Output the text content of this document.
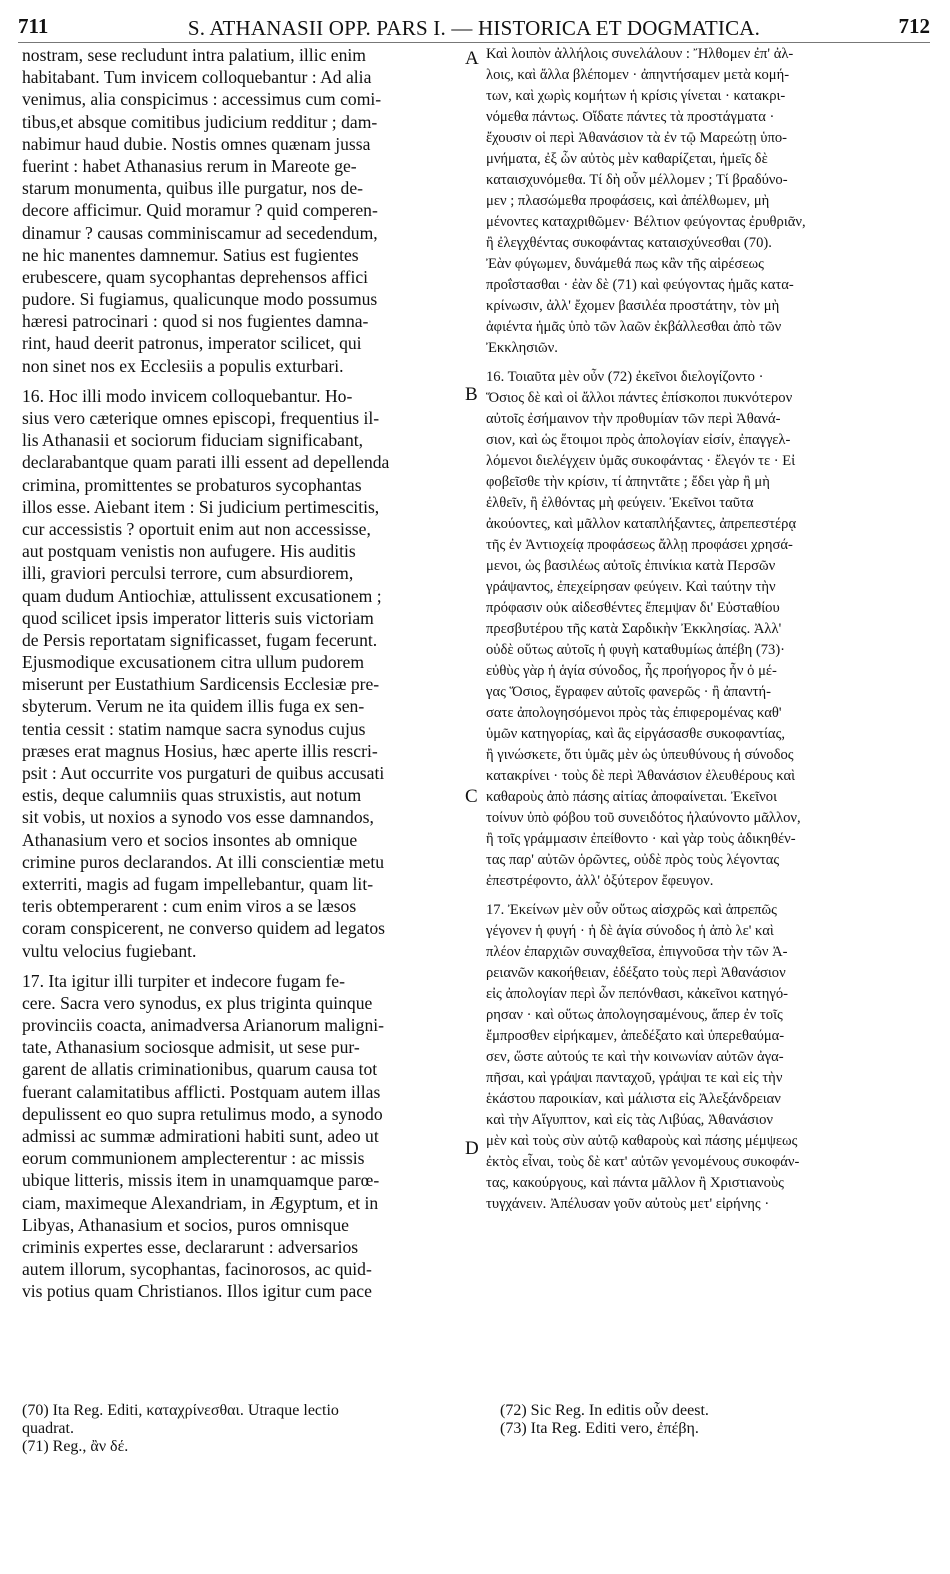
711	S. ATHANASII OPP. PARS I. — HISTORICA ET DOGMATICA.	712
nostram, sese recludunt intra palatium, illic enim
habitabant. Tum invicem colloquebantur : Ad alia
venimus, alia conspicimus : accessimus cum comi-
tibus,et absque comitibus judicium redditur ; dam-
nabimur haud dubie. Nostis omnes quænam jussa
fuerint : habet Athanasius rerum in Mareote ge-
starum monumenta, quibus ille purgatur, nos de-
decore afficimur. Quid moramur ? quid comperen-
dinamur ? causas comminiscamur ad secedendum,
ne hic manentes damnemur. Satius est fugientes
erubescere, quam sycophantas deprehensos affici
pudore. Si fugiamus, qualicunque modo possumus
hæresi patrocinari : quod si nos fugientes damna-
rint, haud deerit patronus, imperator scilicet, qui
non sinet nos ex Ecclesiis a populis exturbari.
16. Hoc illi modo invicem colloquebantur. Ho-
sius vero cæterique omnes episcopi, frequentius il-
lis Athanasii et sociorum fiduciam significabant,
declarabantque quam parati illi essent ad depellenda
crimina, promittentes se probaturos sycophantas
illos esse. Aiebant item : Si judicium pertimescitis,
cur accessistis ? oportuit enim aut non accessisse,
aut postquam venistis non aufugere. His auditis
illi, graviori perculsi terrore, cum absurdiorem,
quam dudum Antiochiæ, attulissent excusationem ;
quod scilicet ipsis imperator litteris suis victoriam
de Persis reportatam significasset, fugam fecerunt.
Ejusmodique excusationem citra ullum pudorem
miserunt per Eustathium Sardicensis Ecclesiæ pre-
sbyterum. Verum ne ita quidem illis fuga ex sen-
tentia cessit : statim namque sacra synodus cujus
præses erat magnus Hosius, hæc aperte illis rescri-
psit : Aut occurrite vos purgaturi de quibus accusati
estis, deque calumniis quas struxistis, aut notum
sit vobis, ut noxios a synodo vos esse damnandos,
Athanasium vero et socios insontes ab omnique
crimine puros declarandos. At illi conscientiæ metu
exterriti, magis ad fugam impellebantur, quam lit-
teris obtemperarent : cum enim viros a se læsos
coram conspicerent, ne converso quidem ad legatos
vultu velocius fugiebant.
17. Ita igitur illi turpiter et indecore fugam fe-
cere. Sacra vero synodus, ex plus triginta quinque
provinciis coacta, animadversa Arianorum maligni-
tate, Athanasium sociosque admisit, ut sese pur-
garent de allatis criminationibus, quarum causa tot
fuerant calamitatibus afflicti. Postquam autem illas
depulissent eo quo supra retulimus modo, a synodo
admissi ac summæ admirationi habiti sunt, adeo ut
eorum communionem amplecterentur : ac missis
ubique litteris, missis item in unamquamque parœ-
ciam, maximeque Alexandriam, in Ægyptum, et in
Libyas, Athanasium et socios, puros omnisque
criminis expertes esse, declararunt : adversarios
autem illorum, sycophantas, facinorosos, ac quid-
vis potius quam Christianos. Illos igitur cum pace
Καὶ λοιπὸν ἀλλήλοις συνελάλουν : Ἤλθομεν ἐπ' ἀλ-
λοις, καὶ ἄλλα βλέπομεν · ἀπηντήσαμεν μετὰ κομή-
των, καὶ χωρὶς κομήτων ἡ κρίσις γίνεται · κατακρι-
νόμεθα πάντως. Οἴδατε πάντες τὰ προστάγματα ·
ἔχουσιν οἱ περὶ Ἀθανάσιον τὰ ἐν τῷ Μαρεώτῃ ὑπο-
μνήματα, ἐξ ὧν αὐτὸς μὲν καθαρίζεται, ἡμεῖς δὲ
καταισχυνόμεθα. Τί δὴ οὖν μέλλομεν ; Τί βραδύνο-
μεν ; πλασώμεθα προφάσεις, καὶ ἀπέλθωμεν, μὴ
μένοντες καταχριθῶμεν· Βέλτιον φεύγοντας ἐρυθριᾶν,
ἢ ἐλεγχθέντας συκοφάντας καταισχύνεσθαι (70).
Ἐὰν φύγωμεν, δυνάμεθά πως κἂν τῆς αἱρέσεως
προΐστασθαι · ἐὰν δὲ (71) καὶ φεύγοντας ἡμᾶς κατα-
κρίνωσιν, ἀλλ' ἔχομεν βασιλέα προστάτην, τὸν μὴ
ἀφιέντα ἡμᾶς ὑπὸ τῶν λαῶν ἐκβάλλεσθαι ἀπὸ τῶν
Ἐκκλησιῶν.
16. Τοιαῦτα μὲν οὖν (72) ἐκεῖνοι διελογίζοντο ·
Ὅσιος δὲ καὶ οἱ ἄλλοι πάντες ἐπίσκοποι πυκνότερον
αὐτοῖς ἐσήμαινον τὴν προθυμίαν τῶν περὶ Ἀθανά-
σιον, καὶ ὡς ἕτοιμοι πρὸς ἀπολογίαν εἰσίν, ἐπαγγελ-
λόμενοι διελέγχειν ὑμᾶς συκοφάντας · ἔλεγόν τε · Εἰ
φοβεῖσθε τὴν κρίσιν, τί ἀπηντᾶτε ; ἔδει γὰρ ἢ μὴ
ἐλθεῖν, ἢ ἐλθόντας μὴ φεύγειν. Ἐκεῖνοι ταῦτα
ἀκούοντες, καὶ μᾶλλον καταπλήξαντες, ἀπρεπεστέρᾳ
τῆς ἐν Ἀντιοχείᾳ προφάσεως ἄλλῃ προφάσει χρησά-
μενοι, ὡς βασιλέως αὐτοῖς ἐπινίκια κατὰ Περσῶν
γράψαντος, ἐπεχείρησαν φεύγειν. Καὶ ταύτην τὴν
πρόφασιν οὐκ αἰδεσθέντες ἔπεμψαν δι' Εὐσταθίου
πρεσβυτέρου τῆς κατὰ Σαρδικὴν Ἐκκλησίας. Ἀλλ'
οὐδὲ οὕτως αὐτοῖς ἡ φυγὴ καταθυμίως ἀπέβη (73)·
εὐθὺς γὰρ ἡ ἁγία σύνοδος, ἧς προήγορος ἦν ὁ μέ-
γας Ὅσιος, ἔγραφεν αὐτοῖς φανερῶς · ἢ ἀπαντή-
σατε ἀπολογησόμενοι πρὸς τὰς ἐπιφερομένας καθ'
ὑμῶν κατηγορίας, καὶ ἃς εἰργάσασθε συκοφαντίας,
ἢ γινώσκετε, ὅτι ὑμᾶς μὲν ὡς ὑπευθύνους ἡ σύνοδος
κατακρίνει · τοὺς δὲ περὶ Ἀθανάσιον ἐλευθέρους καὶ
καθαροὺς ἀπὸ πάσης αἰτίας ἀποφαίνεται. Ἐκεῖνοι
τοίνυν ὑπὸ φόβου τοῦ συνειδότος ἠλαύνοντο μᾶλλον,
ἢ τοῖς γράμμασιν ἐπείθοντο · καὶ γὰρ τοὺς ἀδικηθέν-
τας παρ' αὐτῶν ὁρῶντες, οὐδὲ πρὸς τοὺς λέγοντας
ἐπεστρέφοντο, ἀλλ' ὀξύτερον ἔφευγον.
17. Ἐκείνων μὲν οὖν οὕτως αἰσχρῶς καὶ ἀπρεπῶς
γέγονεν ἡ φυγή · ἡ δὲ ἁγία σύνοδος ἡ ἀπὸ λε' καὶ
πλέον ἐπαρχιῶν συναχθεῖσα, ἐπιγνοῦσα τὴν τῶν Ἀ-
ρειανῶν κακοήθειαν, ἐδέξατο τοὺς περὶ Ἀθανάσιον
εἰς ἀπολογίαν περὶ ὧν πεπόνθασι, κἀκεῖνοι κατηγό-
ρησαν · καὶ οὕτως ἀπολογησαμένους, ἅπερ ἐν τοῖς
ἔμπροσθεν εἰρήκαμεν, ἀπεδέξατο καὶ ὑπερεθαύμα-
σεν, ὥστε αὐτούς τε καὶ τὴν κοινωνίαν αὐτῶν ἀγα-
πῆσαι, καὶ γράψαι πανταχοῦ, γράψαι τε καὶ εἰς τὴν
ἑκάστου παροικίαν, καὶ μάλιστα εἰς Ἀλεξάνδρειαν
καὶ τὴν Αἴγυπτον, καὶ εἰς τὰς Λιβύας, Ἀθανάσιον
μὲν καὶ τοὺς σὺν αὐτῷ καθαροὺς καὶ πάσης μέμψεως
ἐκτὸς εἶναι, τοὺς δὲ κατ' αὐτῶν γενομένους συκοφάν-
τας, κακούργους, καὶ πάντα μᾶλλον ἢ Χριστιανοὺς
τυγχάνειν. Ἀπέλυσαν γοῦν αὐτοὺς μετ' εἰρήνης ·
A
B
C
D
(70) Ita Reg. Editi, καταχρίνεσθαι. Utraque lectio
quadrat.
(71) Reg., ἂν δέ.
(72) Sic Reg. In editis οὖν deest.
(73) Ita Reg. Editi vero, ἐπέβη.
